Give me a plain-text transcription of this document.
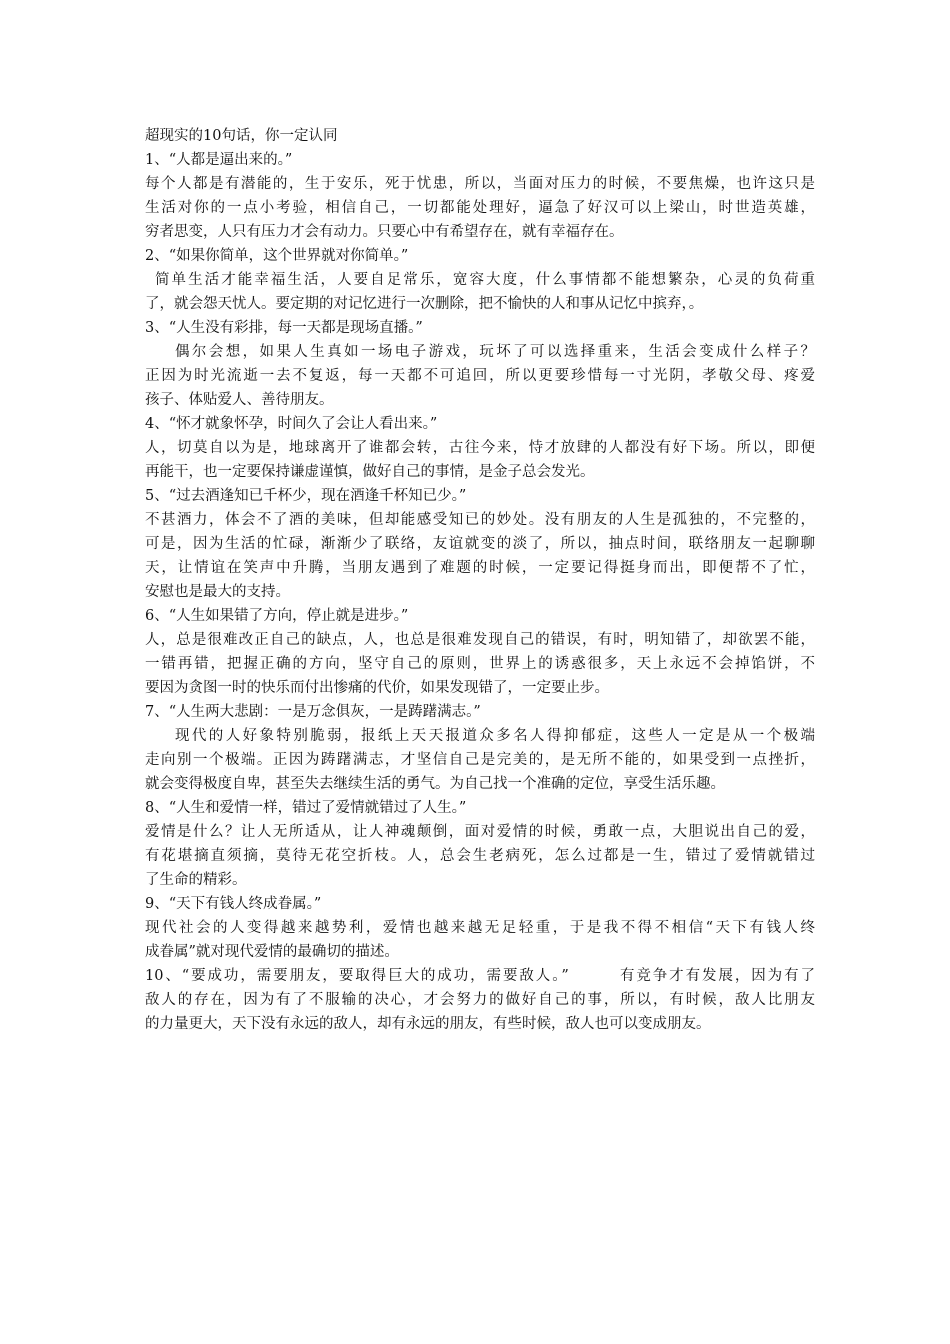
超现实的10句话，你一定认同
1、“人都是逼出来的。”
每个人都是有潜能的，生于安乐，死于忧患，所以，当面对压力的时候，不要焦燥，也许这只是
生活对你的一点小考验，相信自己，一切都能处理好，逼急了好汉可以上梁山，时世造英雄，
穷者思变，人只有压力才会有动力。只要心中有希望存在，就有幸福存在。
2、“如果你简单，这个世界就对你简单。”
简单生活才能幸福生活，人要自足常乐，宽容大度，什么事情都不能想繁杂，心灵的负荷重
了，就会怨天忧人。要定期的对记忆进行一次删除，把不愉快的人和事从记忆中摈弃，。
3、“人生没有彩排，每一天都是现场直播。”
偶尔会想，如果人生真如一场电子游戏，玩坏了可以选择重来，生活会变成什么样子？
正因为时光流逝一去不复返，每一天都不可追回，所以更要珍惜每一寸光阴，孝敬父母、疼爱
孩子、体贴爱人、善待朋友。
4、“怀才就象怀孕，时间久了会让人看出来。”
人，切莫自以为是，地球离开了谁都会转，古往今来，恃才放肆的人都没有好下场。所以，即便
再能干，也一定要保持谦虚谨慎，做好自己的事情，是金子总会发光。
5、“过去酒逢知已千杯少，现在酒逢千杯知已少。”
不甚酒力，体会不了酒的美味，但却能感受知已的妙处。没有朋友的人生是孤独的，不完整的，
可是，因为生活的忙碌，渐渐少了联络，友谊就变的淡了，所以，抽点时间，联络朋友一起聊聊
天，让情谊在笑声中升腾，当朋友遇到了难题的时候，一定要记得挺身而出，即便帮不了忙，
安慰也是最大的支持。
6、“人生如果错了方向，停止就是进步。”
人，总是很难改正自己的缺点，人，也总是很难发现自己的错误，有时，明知错了，却欲罢不能，
一错再错，把握正确的方向，坚守自己的原则，世界上的诱惑很多，天上永远不会掉馅饼，不
要因为贪图一时的快乐而付出惨痛的代价，如果发现错了，一定要止步。
7、“人生两大悲剧：一是万念俱灰，一是踌躇满志。”
现代的人好象特别脆弱，报纸上天天报道众多名人得抑郁症，这些人一定是从一个极端
走向别一个极端。正因为踌躇满志，才坚信自己是完美的，是无所不能的，如果受到一点挫折，
就会变得极度自卑，甚至失去继续生活的勇气。为自己找一个准确的定位，享受生活乐趣。
8、“人生和爱情一样，错过了爱情就错过了人生。”
爱情是什么？让人无所适从，让人神魂颠倒，面对爱情的时候，勇敢一点，大胆说出自己的爱，
有花堪摘直须摘，莫待无花空折枝。人，总会生老病死，怎么过都是一生，错过了爱情就错过
了生命的精彩。
9、“天下有钱人终成眷属。”
现代社会的人变得越来越势利，爱情也越来越无足轻重，于是我不得不相信“天下有钱人终
成眷属”就对现代爱情的最确切的描述。
10、“要成功，需要朋友，要取得巨大的成功，需要敌人。”　　　有竞争才有发展，因为有了
敌人的存在，因为有了不服输的决心，才会努力的做好自己的事，所以，有时候，敌人比朋友
的力量更大，天下没有永远的敌人，却有永远的朋友，有些时候，敌人也可以变成朋友。
